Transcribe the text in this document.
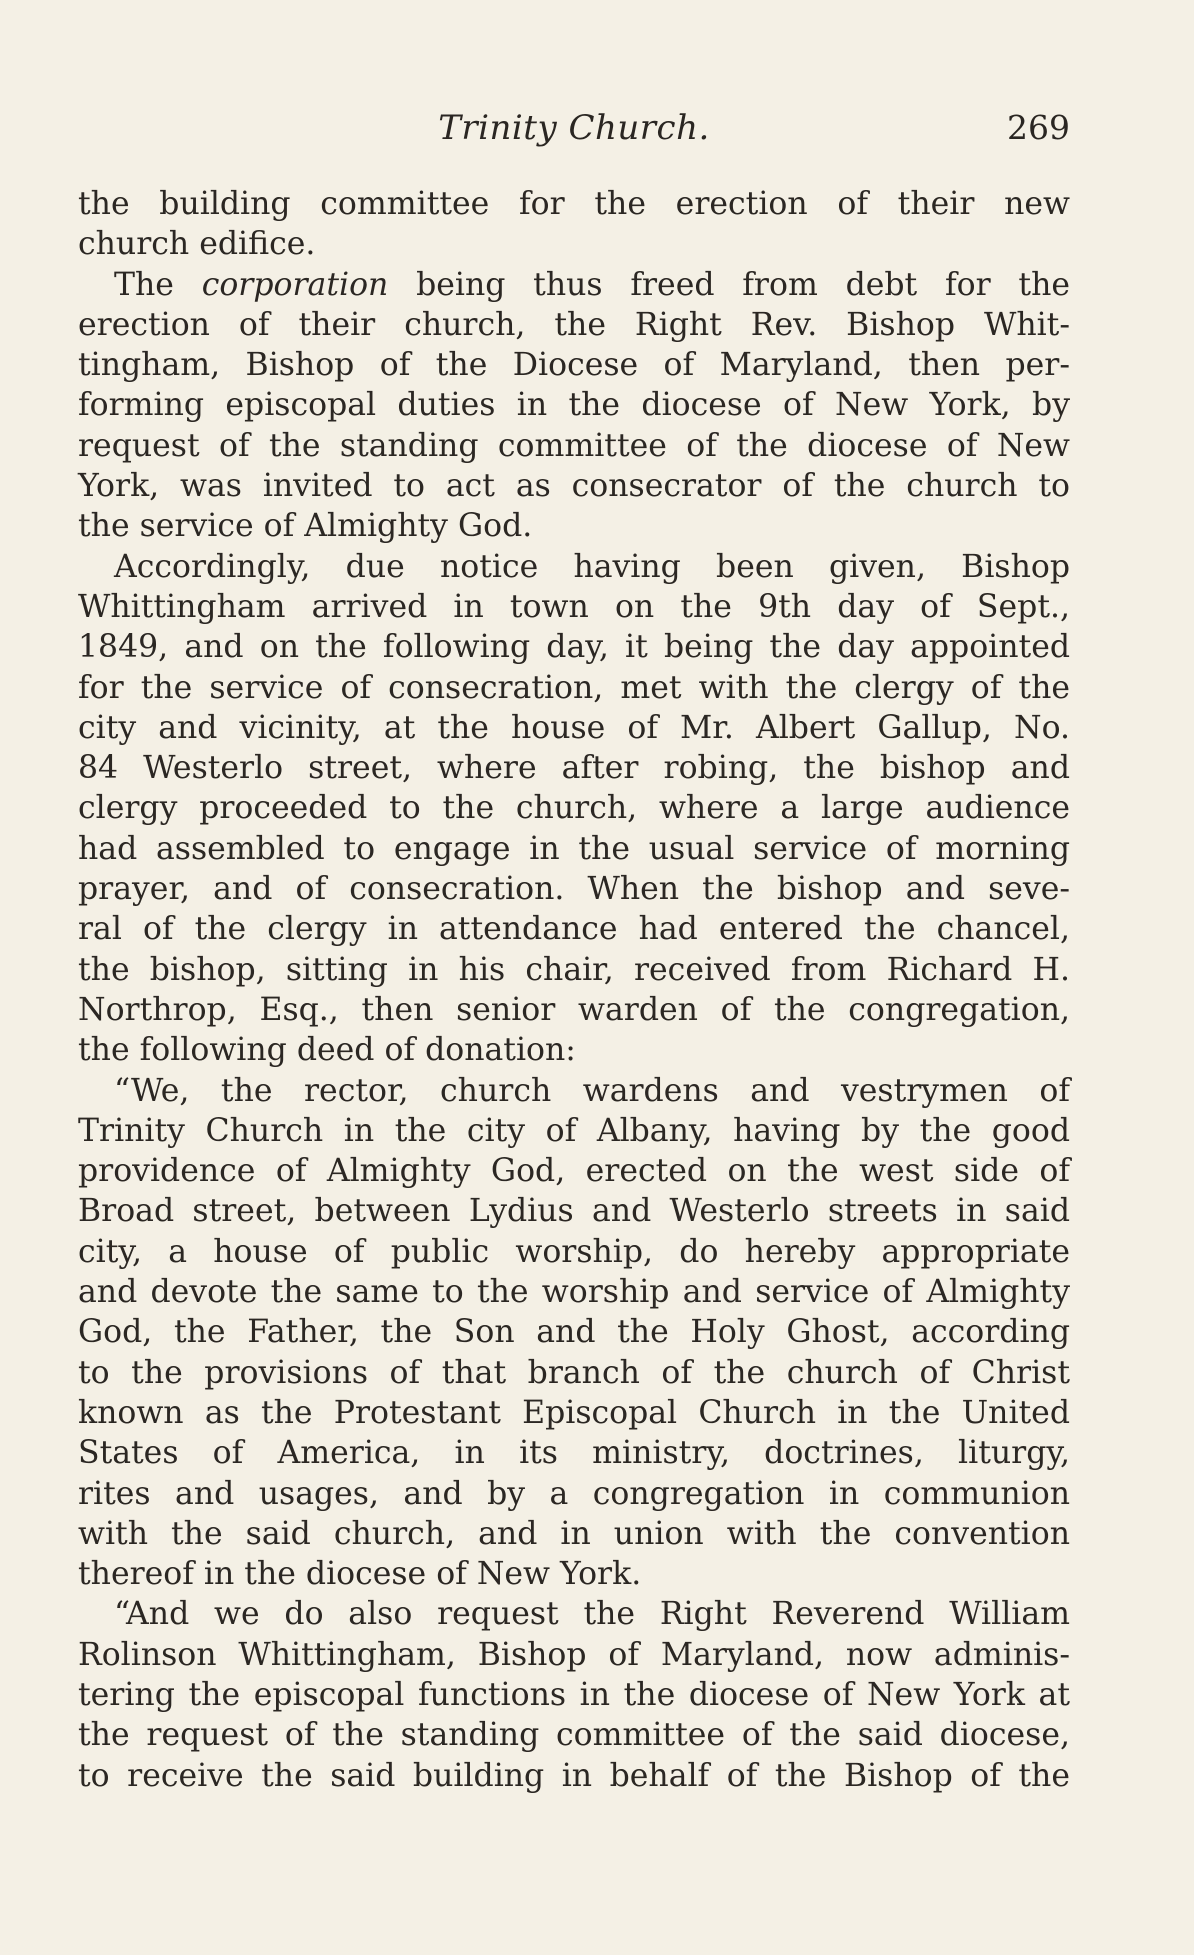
Trinity Church.	269
the building committee for the erection of their new
church edifice.
The corporation being thus freed from debt for the
erection of their church, the Right Rev. Bishop Whit-
tingham, Bishop of the Diocese of Maryland, then per-
forming episcopal duties in the diocese of New York, by
request of the standing committee of the diocese of New
York, was invited to act as consecrator of the church to
the service of Almighty God.
Accordingly, due notice having been given, Bishop
Whittingham arrived in town on the 9th day of Sept.,
1849, and on the following day, it being the day appointed
for the service of consecration, met with the clergy of the
city and vicinity, at the house of Mr. Albert Gallup, No.
84 Westerlo street, where after robing, the bishop and
clergy proceeded to the church, where a large audience
had assembled to engage in the usual service of morning
prayer, and of consecration. When the bishop and seve-
ral of the clergy in attendance had entered the chancel,
the bishop, sitting in his chair, received from Richard H.
Northrop, Esq., then senior warden of the congregation,
the following deed of donation:
“We, the rector, church wardens and vestrymen of
Trinity Church in the city of Albany, having by the good
providence of Almighty God, erected on the west side of
Broad street, between Lydius and Westerlo streets in said
city, a house of public worship, do hereby appropriate
and devote the same to the worship and service of Almighty
God, the Father, the Son and the Holy Ghost, according
to the provisions of that branch of the church of Christ
known as the Protestant Episcopal Church in the United
States of America, in its ministry, doctrines, liturgy,
rites and usages, and by a congregation in communion
with the said church, and in union with the convention
thereof in the diocese of New York.
“And we do also request the Right Reverend William
Rolinson Whittingham, Bishop of Maryland, now adminis-
tering the episcopal functions in the diocese of New York at
the request of the standing committee of the said diocese,
to receive the said building in behalf of the Bishop of the
